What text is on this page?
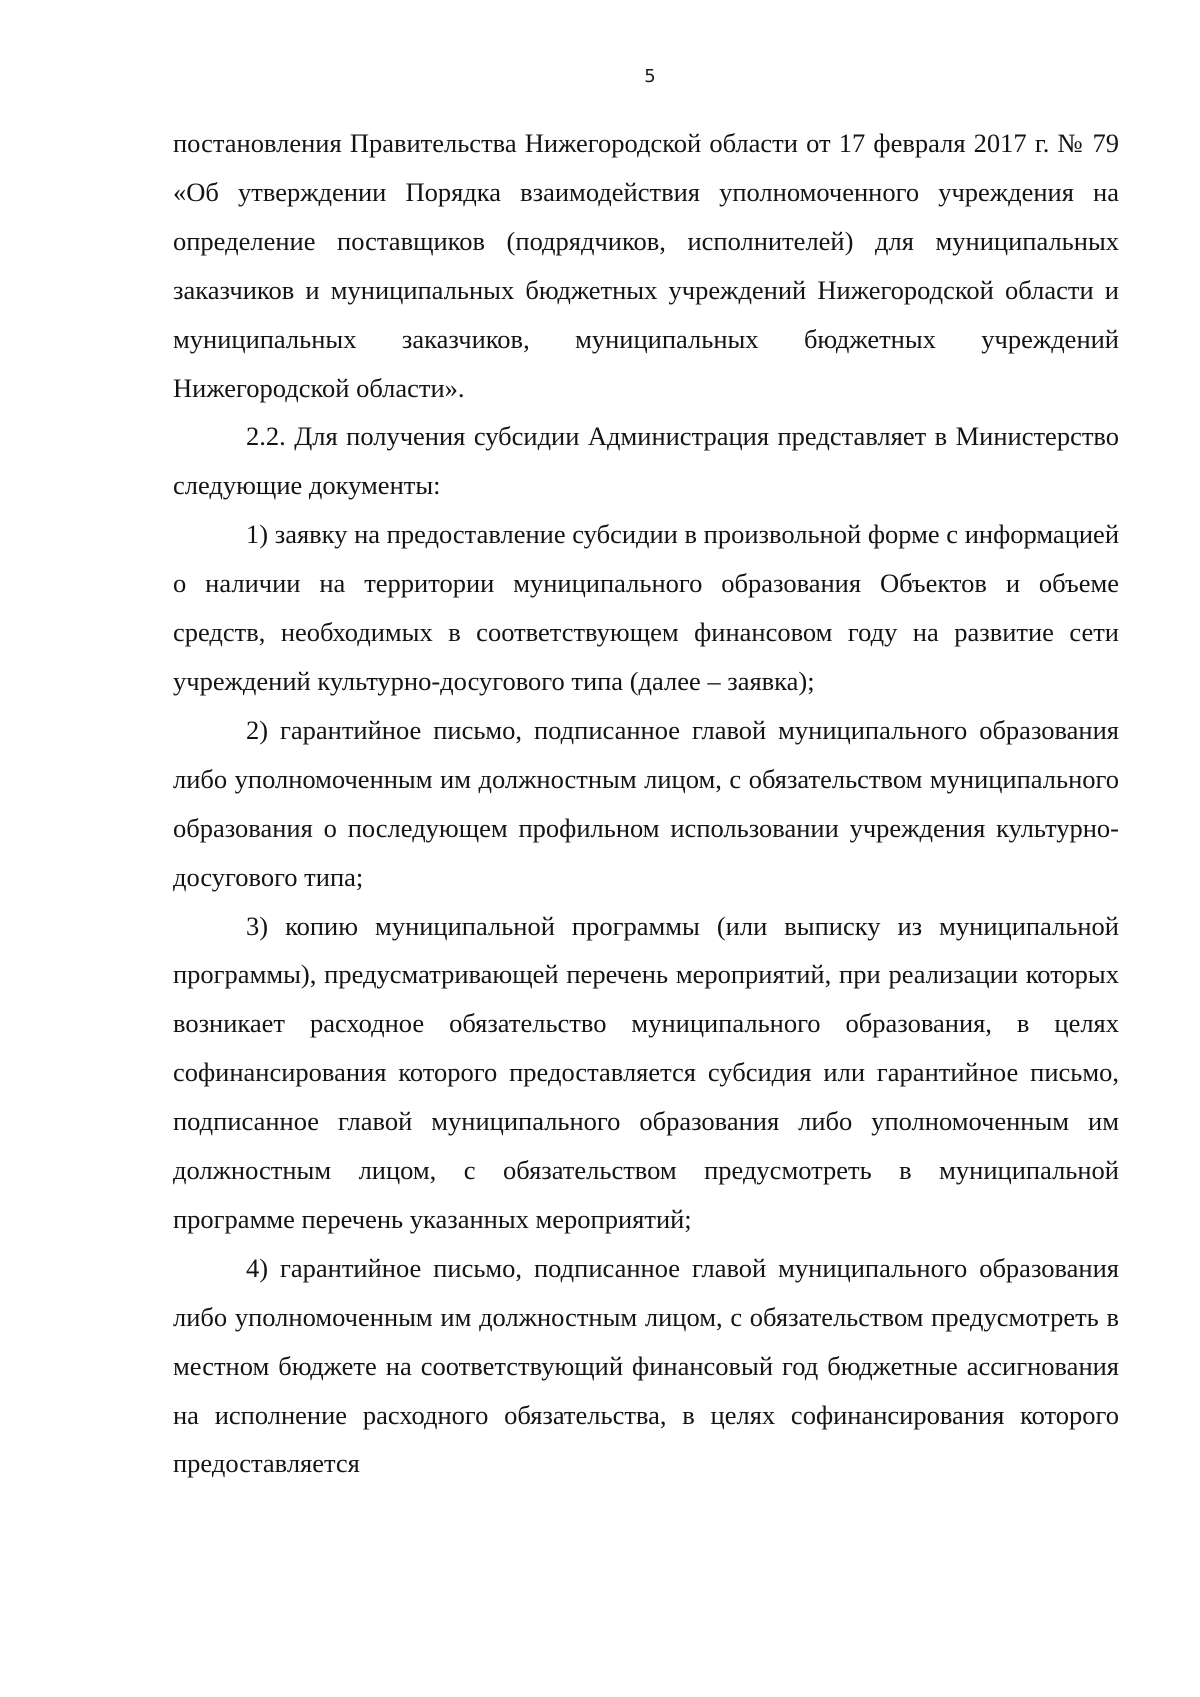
5

постановления Правительства Нижегородской области от 17 февраля 2017 г. № 79 «Об утверждении Порядка взаимодействия уполномоченного учреждения на определение поставщиков (подрядчиков, исполнителей) для муниципальных заказчиков и муниципальных бюджетных учреждений Нижегородской области и муниципальных заказчиков, муниципальных бюджетных учреждений Нижегородской области».

2.2. Для получения субсидии Администрация представляет в Министерство следующие документы:

1) заявку на предоставление субсидии в произвольной форме с информацией о наличии на территории муниципального образования Объектов и объеме средств, необходимых в соответствующем финансовом году на развитие сети учреждений культурно-досугового типа (далее – заявка);

2) гарантийное письмо, подписанное главой муниципального образования либо уполномоченным им должностным лицом, с обязательством муниципального образования о последующем профильном использовании учреждения культурно-досугового типа;

3) копию муниципальной программы (или выписку из муниципальной программы), предусматривающей перечень мероприятий, при реализации которых возникает расходное обязательство муниципального образования, в целях софинансирования которого предоставляется субсидия или гарантийное письмо, подписанное главой муниципального образования либо уполномоченным им должностным лицом, с обязательством предусмотреть в муниципальной программе перечень указанных мероприятий;

4) гарантийное письмо, подписанное главой муниципального образования либо уполномоченным им должностным лицом, с обязательством предусмотреть в местном бюджете на соответствующий финансовый год бюджетные ассигнования на исполнение расходного обязательства, в целях софинансирования которого предоставляется
